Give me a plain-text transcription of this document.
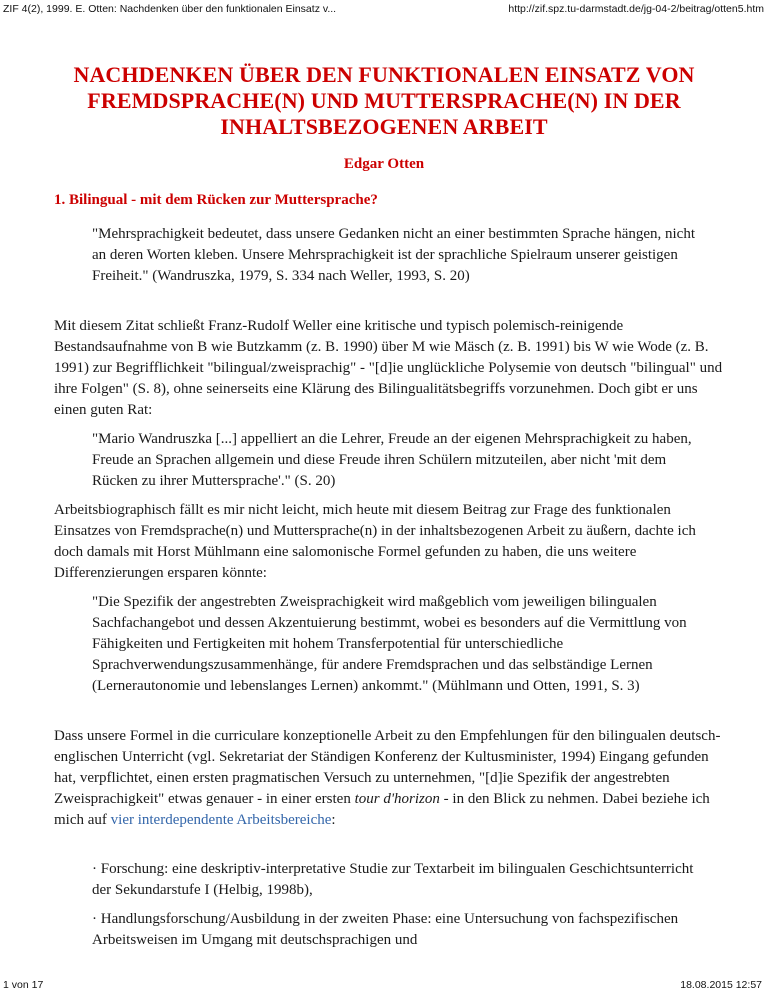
ZIF 4(2), 1999. E. Otten: Nachdenken über den funktionalen Einsatz v...	http://zif.spz.tu-darmstadt.de/jg-04-2/beitrag/otten5.htm
NACHDENKEN ÜBER DEN FUNKTIONALEN EINSATZ VON
FREMDSPRACHE(N) UND MUTTERSPRACHE(N) IN DER
INHALTSBEZOGENEN ARBEIT
Edgar Otten
1. Bilingual - mit dem Rücken zur Muttersprache?
"Mehrsprachigkeit bedeutet, dass unsere Gedanken nicht an einer bestimmten Sprache hängen, nicht an deren Worten kleben. Unsere Mehrsprachigkeit ist der sprachliche Spielraum unserer geistigen Freiheit." (Wandruszka, 1979, S. 334 nach Weller, 1993, S. 20)
Mit diesem Zitat schließt Franz-Rudolf Weller eine kritische und typisch polemisch-reinigende Bestandsaufnahme von B wie Butzkamm (z. B. 1990) über M wie Mäsch (z. B. 1991) bis W wie Wode (z. B. 1991) zur Begrifflichkeit "bilingual/zweisprachig" - "[d]ie unglückliche Polysemie von deutsch "bilingual" und ihre Folgen" (S. 8), ohne seinerseits eine Klärung des Bilingualitätsbegriffs vorzunehmen. Doch gibt er uns einen guten Rat:
"Mario Wandruszka [...] appelliert an die Lehrer, Freude an der eigenen Mehrsprachigkeit zu haben, Freude an Sprachen allgemein und diese Freude ihren Schülern mitzuteilen, aber nicht 'mit dem Rücken zu ihrer Muttersprache'." (S. 20)
Arbeitsbiographisch fällt es mir nicht leicht, mich heute mit diesem Beitrag zur Frage des funktionalen Einsatzes von Fremdsprache(n) und Muttersprache(n) in der inhaltsbezogenen Arbeit zu äußern, dachte ich doch damals mit Horst Mühlmann eine salomonische Formel gefunden zu haben, die uns weitere Differenzierungen ersparen könnte:
"Die Spezifik der angestrebten Zweisprachigkeit wird maßgeblich vom jeweiligen bilingualen Sachfachangebot und dessen Akzentuierung bestimmt, wobei es besonders auf die Vermittlung von Fähigkeiten und Fertigkeiten mit hohem Transferpotential für unterschiedliche Sprachverwendungszusammenhänge, für andere Fremdsprachen und das selbständige Lernen (Lernerautonomie und lebenslanges Lernen) ankommt." (Mühlmann und Otten, 1991, S. 3)
Dass unsere Formel in die curriculare konzeptionelle Arbeit zu den Empfehlungen für den bilingualen deutsch-englischen Unterricht (vgl. Sekretariat der Ständigen Konferenz der Kultusminister, 1994) Eingang gefunden hat, verpflichtet, einen ersten pragmatischen Versuch zu unternehmen, "[d]ie Spezifik der angestrebten Zweisprachigkeit" etwas genauer - in einer ersten tour d'horizon - in den Blick zu nehmen. Dabei beziehe ich mich auf vier interdependente Arbeitsbereiche:
· Forschung: eine deskriptiv-interpretative Studie zur Textarbeit im bilingualen Geschichtsunterricht der Sekundarstufe I (Helbig, 1998b),
· Handlungsforschung/Ausbildung in der zweiten Phase: eine Untersuchung von fachspezifischen Arbeitsweisen im Umgang mit deutschsprachigen und
1 von 17	18.08.2015 12:57
